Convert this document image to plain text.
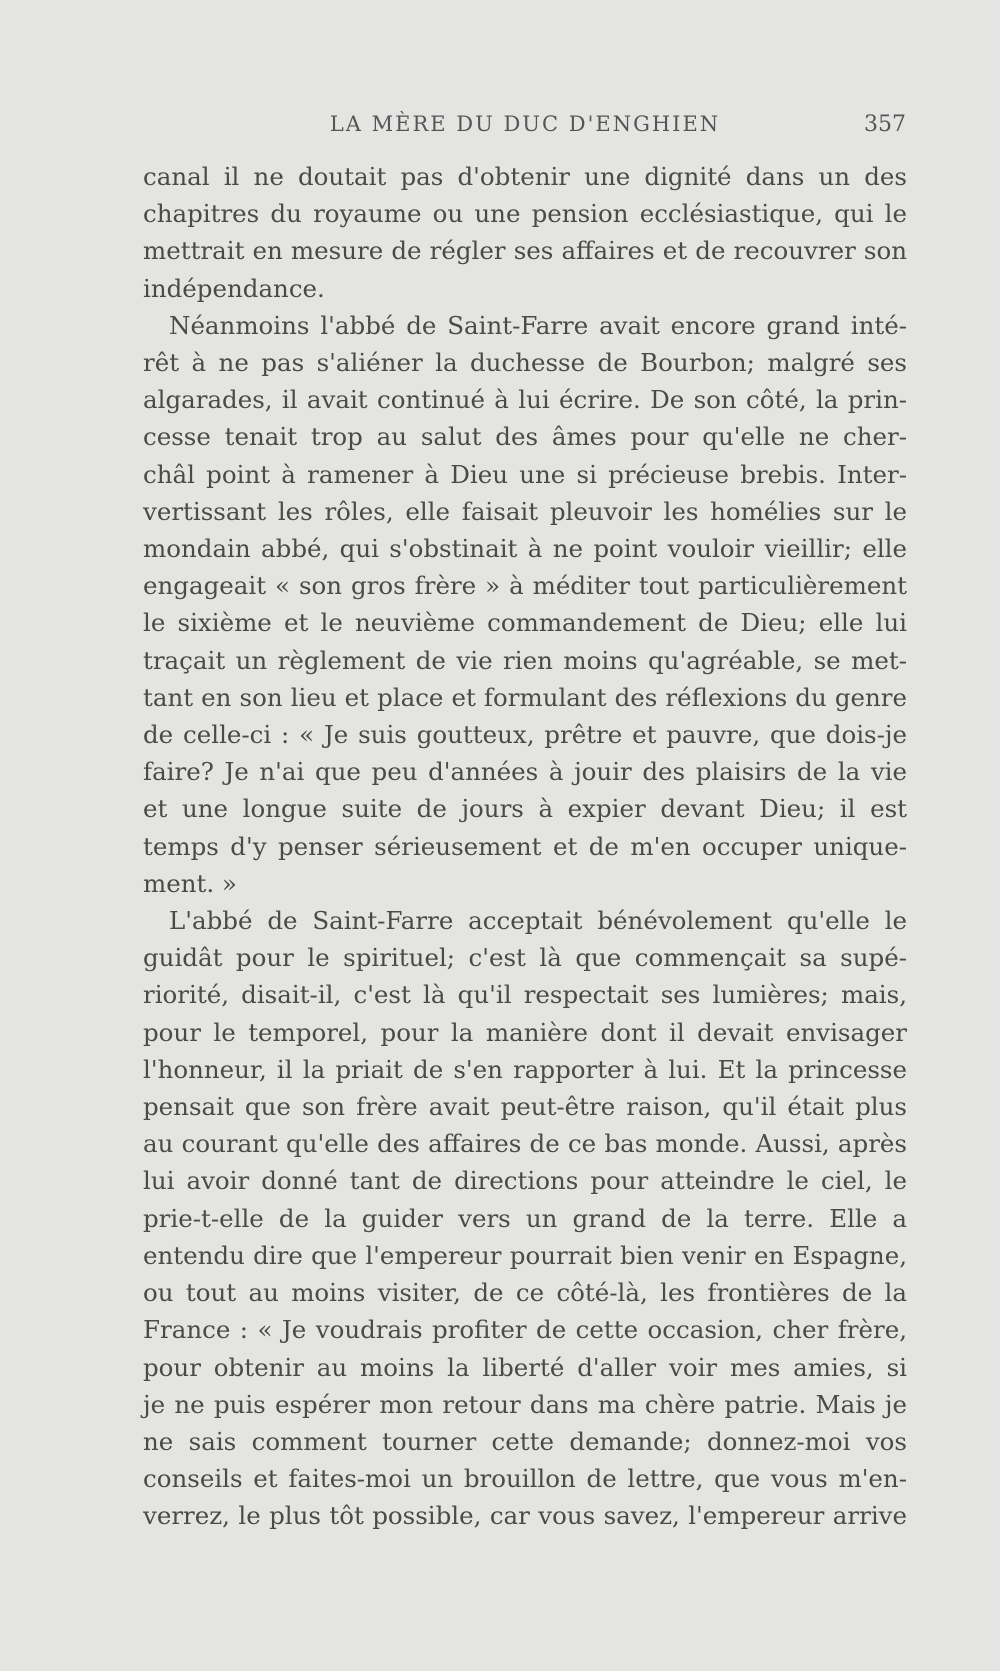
LA MÈRE DU DUC D'ENGHIEN	357
canal il ne doutait pas d'obtenir une dignité dans un des
chapitres du royaume ou une pension ecclésiastique, qui le
mettrait en mesure de régler ses affaires et de recouvrer son
indépendance.
Néanmoins l'abbé de Saint-Farre avait encore grand inté-
rêt à ne pas s'aliéner la duchesse de Bourbon; malgré ses
algarades, il avait continué à lui écrire. De son côté, la prin-
cesse tenait trop au salut des âmes pour qu'elle ne cher-
châl point à ramener à Dieu une si précieuse brebis. Inter-
vertissant les rôles, elle faisait pleuvoir les homélies sur le
mondain abbé, qui s'obstinait à ne point vouloir vieillir; elle
engageait « son gros frère » à méditer tout particulièrement
le sixième et le neuvième commandement de Dieu; elle lui
traçait un règlement de vie rien moins qu'agréable, se met-
tant en son lieu et place et formulant des réflexions du genre
de celle-ci : « Je suis goutteux, prêtre et pauvre, que dois-je
faire? Je n'ai que peu d'années à jouir des plaisirs de la vie
et une longue suite de jours à expier devant Dieu; il est
temps d'y penser sérieusement et de m'en occuper unique-
ment. »
L'abbé de Saint-Farre acceptait bénévolement qu'elle le
guidât pour le spirituel; c'est là que commençait sa supé-
riorité, disait-il, c'est là qu'il respectait ses lumières; mais,
pour le temporel, pour la manière dont il devait envisager
l'honneur, il la priait de s'en rapporter à lui. Et la princesse
pensait que son frère avait peut-être raison, qu'il était plus
au courant qu'elle des affaires de ce bas monde. Aussi, après
lui avoir donné tant de directions pour atteindre le ciel, le
prie-t-elle de la guider vers un grand de la terre. Elle a
entendu dire que l'empereur pourrait bien venir en Espagne,
ou tout au moins visiter, de ce côté-là, les frontières de la
France : « Je voudrais profiter de cette occasion, cher frère,
pour obtenir au moins la liberté d'aller voir mes amies, si
je ne puis espérer mon retour dans ma chère patrie. Mais je
ne sais comment tourner cette demande; donnez-moi vos
conseils et faites-moi un brouillon de lettre, que vous m'en-
verrez, le plus tôt possible, car vous savez, l'empereur arrive
